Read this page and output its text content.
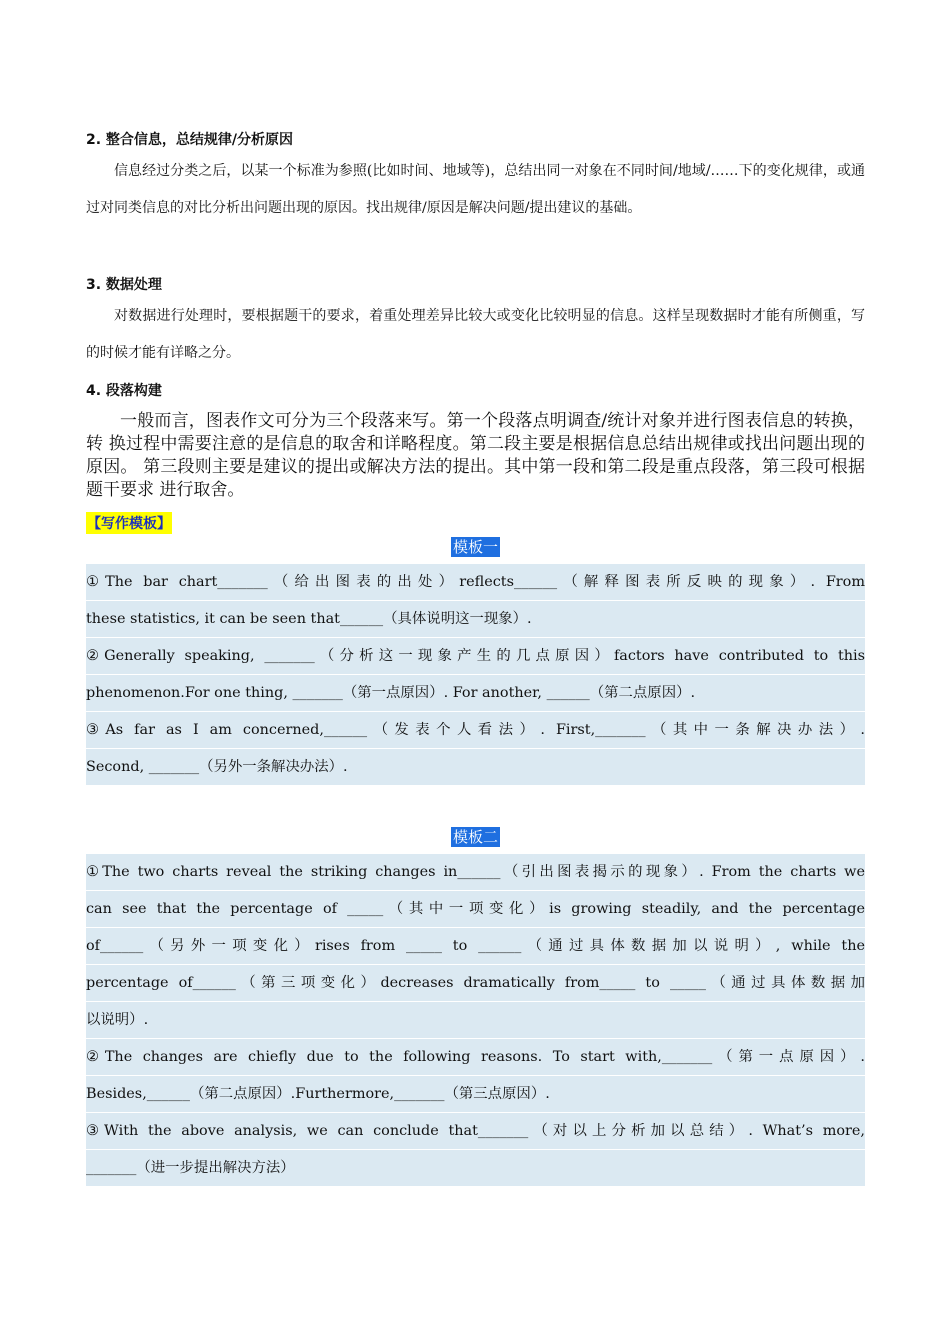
2. 整合信息，总结规律/分析原因
信息经过分类之后，以某一个标准为参照(比如时间、地域等)，总结出同一对象在不同时间/地域/……下的变化规律，或通过对同类信息的对比分析出问题出现的原因。找出规律/原因是解决问题/提出建议的基础。
3. 数据处理
对数据进行处理时，要根据题干的要求，着重处理差异比较大或变化比较明显的信息。这样呈现数据时才能有所侧重，写的时候才能有详略之分。
4. 段落构建
一般而言，图表作文可分为三个段落来写。第一个段落点明调查/统计对象并进行图表信息的转换，转 换过程中需要注意的是信息的取舍和详略程度。第二段主要是根据信息总结出规律或找出问题出现的原因。 第三段则主要是建议的提出或解决方法的提出。其中第一段和第二段是重点段落，第三段可根据题干要求 进行取舍。
【写作模板】
模板一
①The bar chart_______（给出图表的出处）reflects______（解释图表所反映的现象）. From
these statistics, it can be seen that______（具体说明这一现象）.
②Generally speaking, _______（分析这一现象产生的几点原因）factors have contributed to this
phenomenon.For one thing, _______（第一点原因）. For another, ______（第二点原因）.
③As far as I am concerned,______（发表个人看法）. First,_______（其中一条解决办法）.
Second, _______（另外一条解决办法）.
模板二
①The two charts reveal the striking changes in______（引出图表揭示的现象）. From the charts we
can see that the percentage of _____（其中一项变化）is growing steadily, and the percentage
of______（另外一项变化）rises from _____ to ______（通过具体数据加以说明）, while the
percentage of______（第三项变化）decreases dramatically from_____ to _____（通过具体数据加
以说明）.
②The changes are chiefly due to the following reasons. To start with,_______（第一点原因）.
Besides,______（第二点原因）.Furthermore,_______（第三点原因）.
③With the above analysis, we can conclude that_______（对以上分析加以总结）. What’s more,
_______（进一步提出解决方法）
